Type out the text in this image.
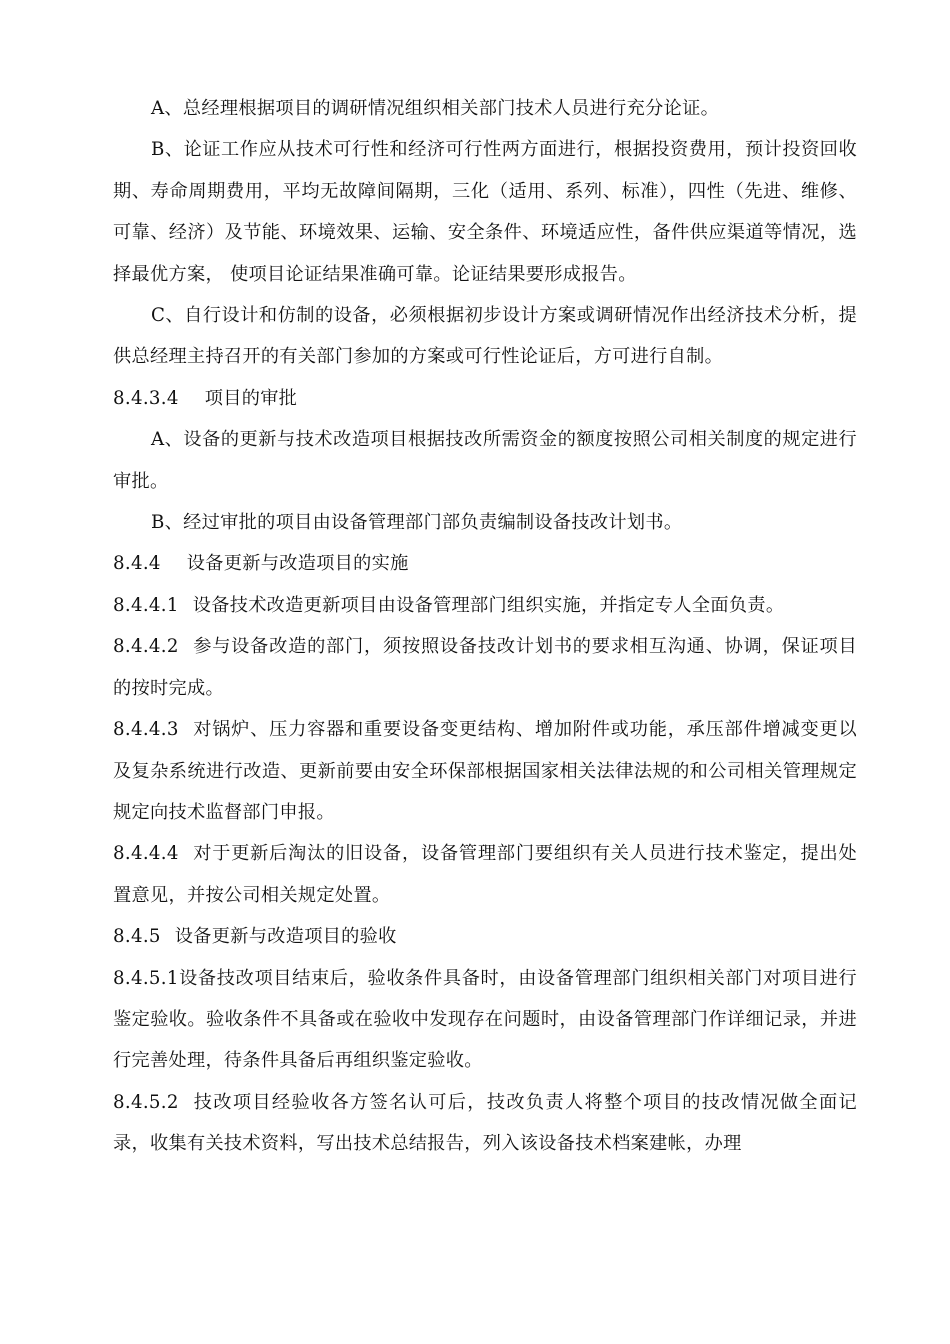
A、总经理根据项目的调研情况组织相关部门技术人员进行充分论证。

B、论证工作应从技术可行性和经济可行性两方面进行，根据投资费用，预计投资回收期、寿命周期费用，平均无故障间隔期，三化（适用、系列、标准），四性（先进、维修、可靠、经济）及节能、环境效果、运输、安全条件、环境适应性，备件供应渠道等情况，选择最优方案， 使项目论证结果准确可靠。论证结果要形成报告。

C、自行设计和仿制的设备，必须根据初步设计方案或调研情况作出经济技术分析，提供总经理主持召开的有关部门参加的方案或可行性论证后，方可进行自制。

8.4.3.4 项目的审批

A、设备的更新与技术改造项目根据技改所需资金的额度按照公司相关制度的规定进行审批。

B、经过审批的项目由设备管理部门部负责编制设备技改计划书。

8.4.4 设备更新与改造项目的实施

8.4.4.1 设备技术改造更新项目由设备管理部门组织实施，并指定专人全面负责。

8.4.4.2 参与设备改造的部门，须按照设备技改计划书的要求相互沟通、协调，保证项目的按时完成。

8.4.4.3 对锅炉、压力容器和重要设备变更结构、增加附件或功能，承压部件增减变更以及复杂系统进行改造、更新前要由安全环保部根据国家相关法律法规的和公司相关管理规定规定向技术监督部门申报。

8.4.4.4 对于更新后淘汰的旧设备，设备管理部门要组织有关人员进行技术鉴定，提出处置意见，并按公司相关规定处置。

8.4.5 设备更新与改造项目的验收

8.4.5.1设备技改项目结束后，验收条件具备时，由设备管理部门组织相关部门对项目进行鉴定验收。验收条件不具备或在验收中发现存在问题时，由设备管理部门作详细记录，并进行完善处理，待条件具备后再组织鉴定验收。

8.4.5.2 技改项目经验收各方签名认可后，技改负责人将整个项目的技改情况做全面记录，收集有关技术资料，写出技术总结报告，列入该设备技术档案建帐，办理
